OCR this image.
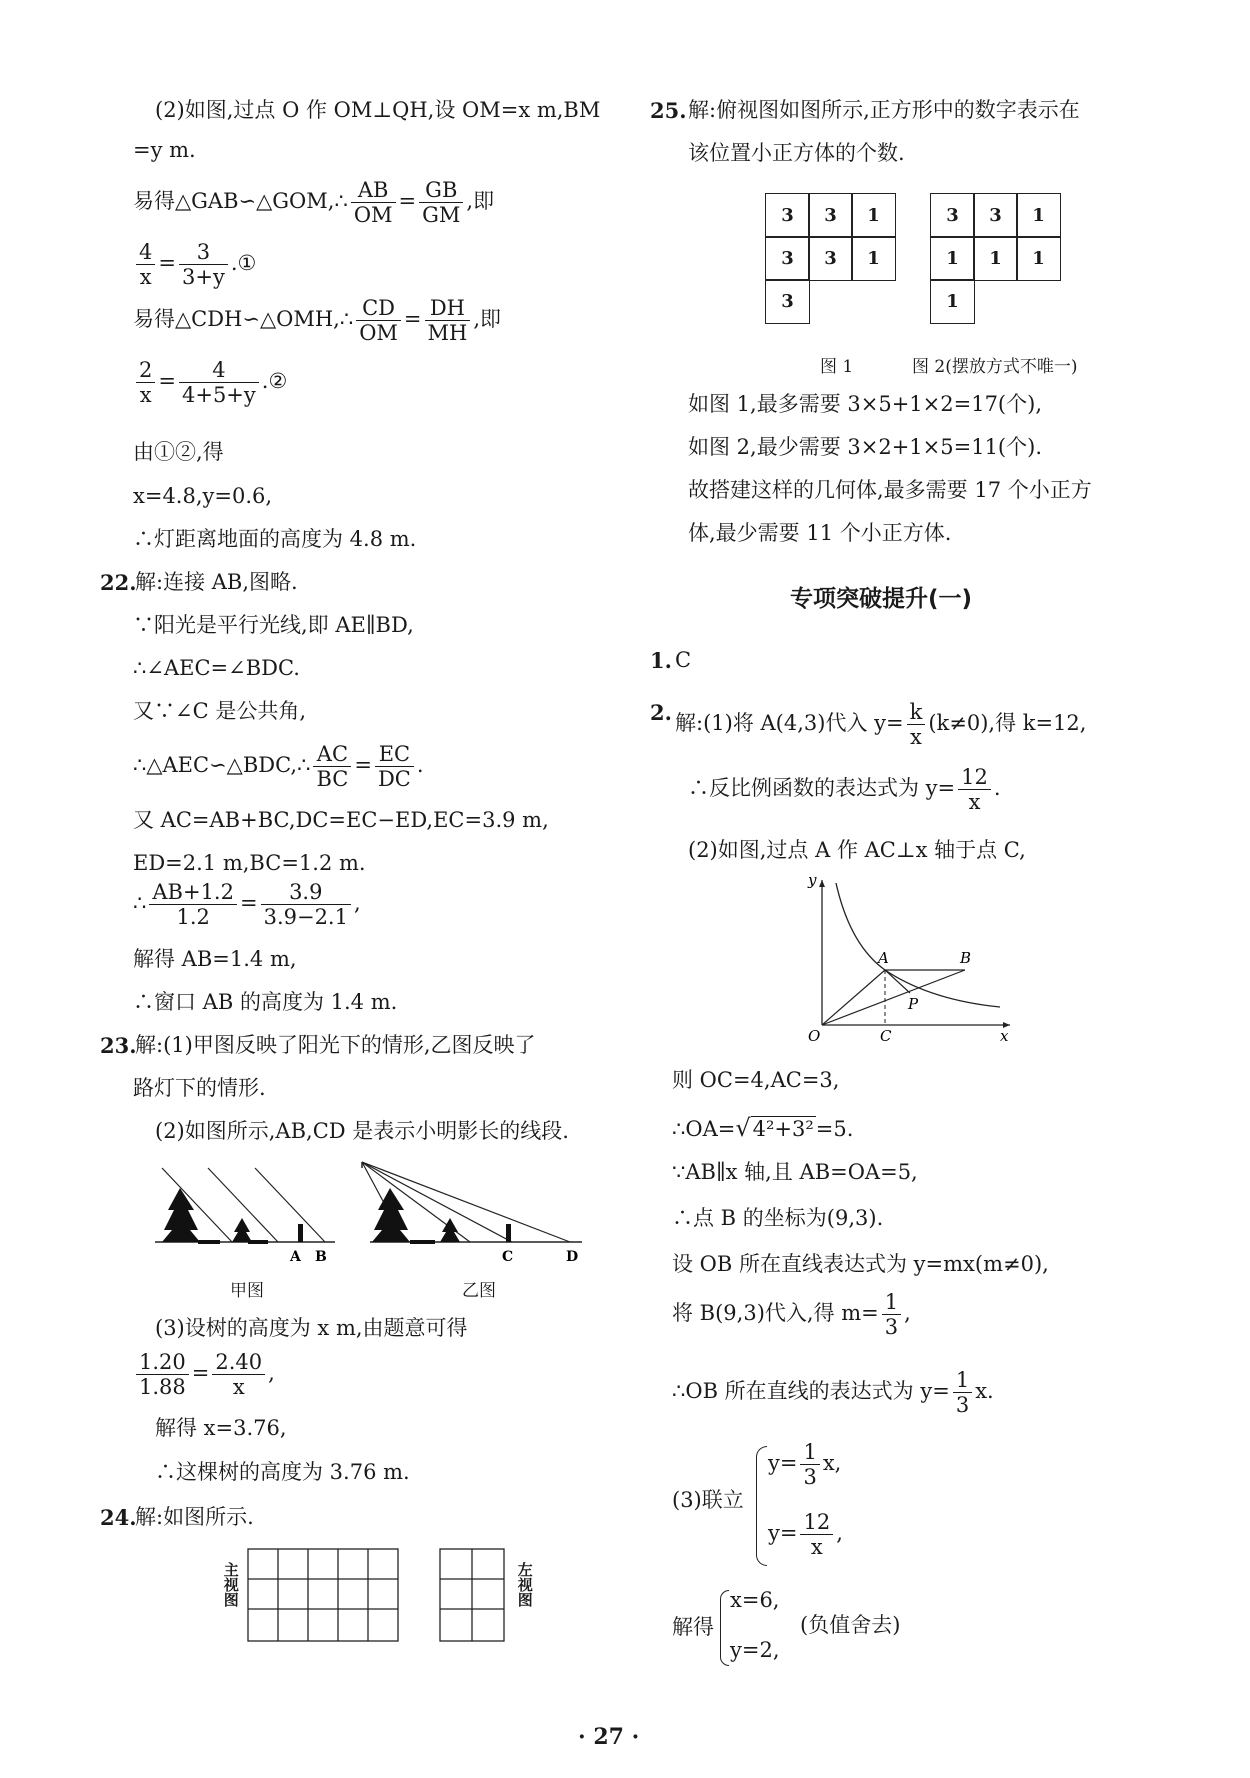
(2)如图,过点 O 作 OM⊥QH,设 OM=x m,BM
=y m.
易得△GAB∽△GOM,∴ $\frac{AB}{OM} = \frac{GB}{GM}$ ,即
$\frac{4}{x} = \frac{3}{3+y}$ .①
易得△CDH∽△OMH,∴ $\frac{CD}{OM} = \frac{DH}{MH}$ ,即
$\frac{2}{x} = \frac{4}{4+5+y}$ .②
由①②,得
x=4.8,y=0.6,
∴灯距离地面的高度为 4.8 m.
22.
解:连接 AB,图略.
∵阳光是平行光线,即 AE∥BD,
∴∠AEC=∠BDC.
又∵∠C 是公共角,
∴△AEC∽△BDC,∴ $\frac{AC}{BC} = \frac{EC}{DC}$ .
又 AC=AB+BC,DC=EC−ED,EC=3.9 m,
ED=2.1 m,BC=1.2 m.
∴ $\frac{AB+1.2}{1.2} = \frac{3.9}{3.9-2.1}$ ,
解得 AB=1.4 m,
∴窗口 AB 的高度为 1.4 m.
23.
解:(1)甲图反映了阳光下的情形,乙图反映了
路灯下的情形.
(2)如图所示,AB,CD 是表示小明影长的线段.
A B	C	D
甲图	乙图
(3)设树的高度为 x m,由题意可得
$\frac{1.20}{1.88} = \frac{2.40}{x}$ ,
解得 x=3.76,
∴这棵树的高度为 3.76 m.
24.
解:如图所示.
主视图	左视图
25. 解:俯视图如图所示,正方形中的数字表示在
该位置小正方体的个数.
3	3	1
3	3	1
3
3	3	1
1	1	1
1
图 1	图 2(摆放方式不唯一)
如图 1,最多需要 3×5+1×2=17(个),
如图 2,最少需要 3×2+1×5=11(个).
故搭建这样的几何体,最多需要 17 个小正方
体,最少需要 11 个小正方体.
专项突破提升(一)
1. C
2. 解:(1)将 A(4,3)代入 $y= \frac{k}{x} (k\ne 0)$,得 k=12,
∴反比例函数的表达式为 $y= \frac{12}{x}$ .
(2)如图,过点 A 作 AC⊥x 轴于点 C,
y
x
O
A	B
C
P
则 OC=4,AC=3,
∴OA=√4²+3²=5.
∵AB∥x 轴,且 AB=OA=5,
∴点 B 的坐标为(9,3).
设 OB 所在直线表达式为 y=mx(m≠0),
将 B(9,3)代入,得 $m= \frac{1}{3}$ ,
∴OB 所在直线的表达式为 $y= \frac{1}{3} x$.
(3)联立
$y= \frac{1}{3} x$,
$y= \frac{12}{x}$ ,
解得
x=6,
y=2,
(负值舍去)
· 27 ·
